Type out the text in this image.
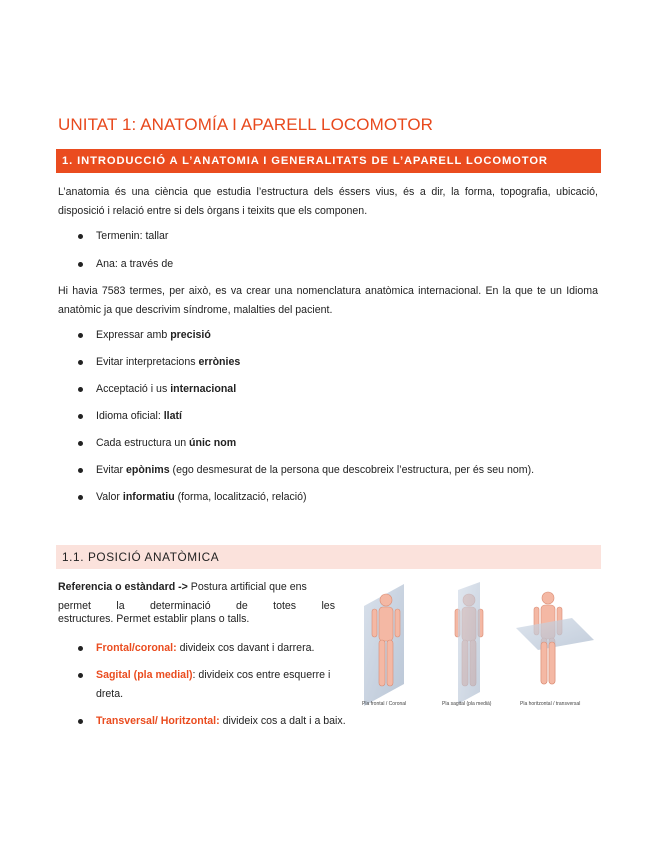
UNITAT 1: ANATOMÍA I APARELL LOCOMOTOR
1. INTRODUCCIÓ A L’ANATOMIA I GENERALITATS DE L’APARELL LOCOMOTOR
L’anatomia és una ciència que estudia l’estructura dels éssers vius, és a dir, la forma, topografia, ubicació, disposició i relació entre si dels òrgans i teixits que els componen.
Termenin: tallar
Ana: a través de
Hi havia 7583 termes, per això, es va crear una nomenclatura anatòmica internacional. En la que te un Idioma anatòmic ja que descrivim síndrome, malalties del pacient.
Expressar amb precisió
Evitar interpretacions errònies
Acceptació i us internacional
Idioma oficial: llatí
Cada estructura un únic nom
Evitar epònims (ego desmesurat de la persona que descobreix l’estructura, per és seu nom).
Valor informatiu (forma, localització, relació)
1.1. POSICIÓ ANATÒMICA
Referencia o estàndard -> Postura artificial que ens
permet la determinació de totes les
estructures. Permet establir plans o talls.
Frontal/coronal: divideix cos davant i darrera.
Sagital (pla medial): divideix cos entre esquerre i dreta.
Transversal/ Horitzontal: divideix cos a dalt i a baix.
Pla frontal / Coronal	Pla sagital (pla medià)	Pla horitzontal / transversal
